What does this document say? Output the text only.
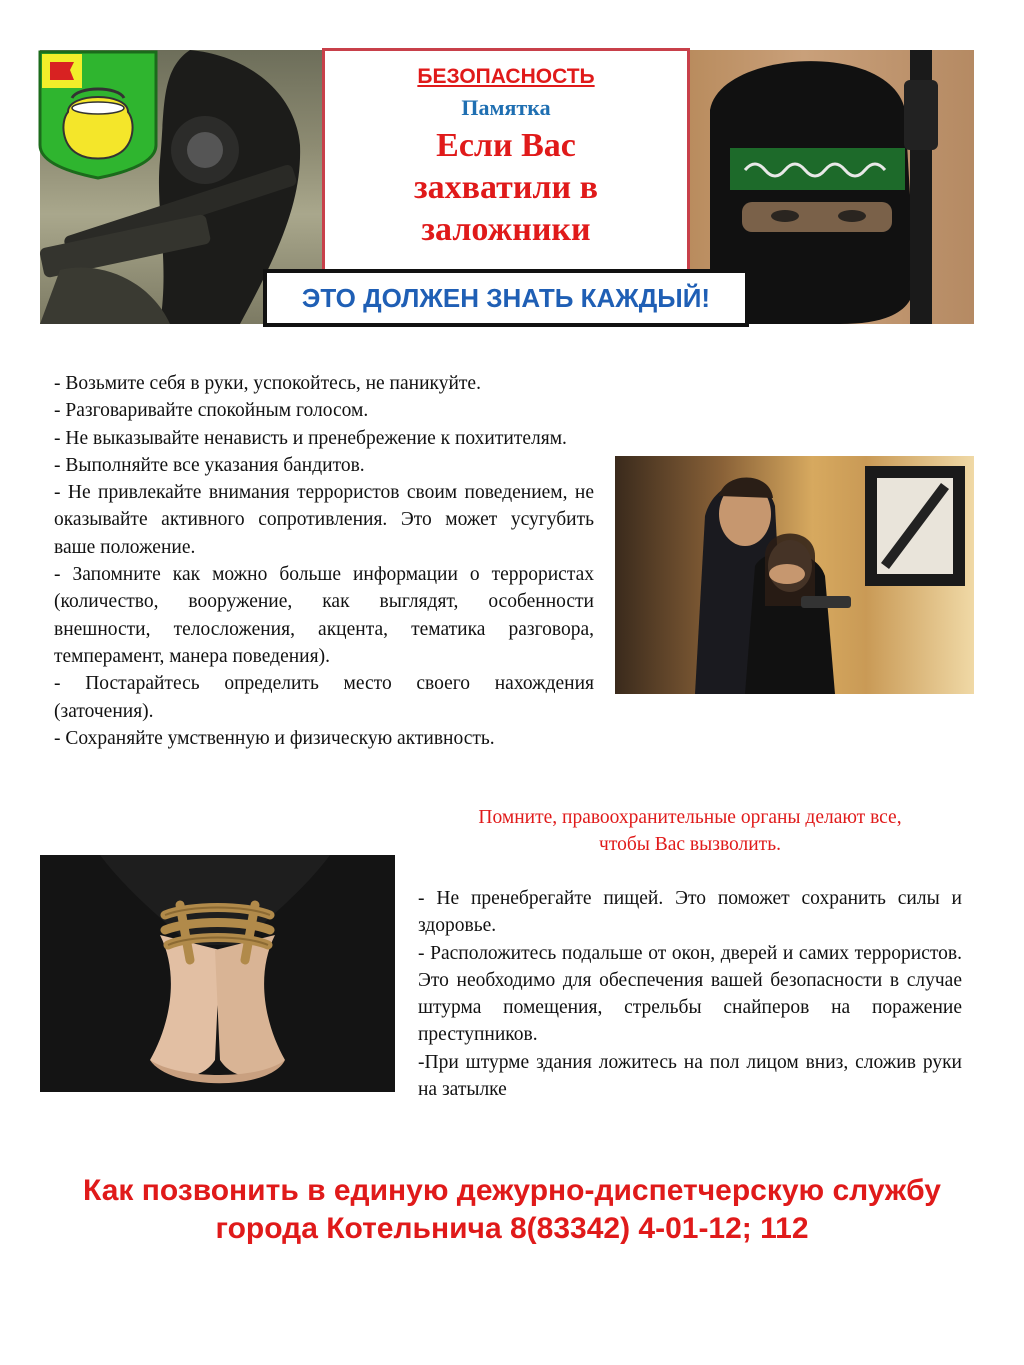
БЕЗОПАСНОСТЬ
Памятка
Если Вас
захватили в
заложники
ЭТО ДОЛЖЕН ЗНАТЬ КАЖДЫЙ!

- Возьмите себя в руки, успокойтесь, не паникуйте.

- Разговаривайте спокойным голосом.

- Не выказывайте ненависть и пренебрежение к похитителям.

- Выполняйте все указания бандитов.

- Не привлекайте внимания террористов своим поведением, не оказывайте активного сопротивления. Это может усугубить ваше положение.

- Запомните как можно больше информации о террористах (количество, вооружение, как выглядят, особенности внешности, телосложения, акцента, тематика разговора, темперамент, манера поведения).

- Постарайтесь определить место своего нахождения (заточения).

- Сохраняйте умственную и физическую активность.

Помните, правоохранительные органы делают все,
чтобы Вас вызволить.

- Не пренебрегайте пищей. Это поможет сохранить силы и здоровье.

- Расположитесь подальше от окон, дверей и самих террористов. Это необходимо для обеспечения вашей безопасности в случае штурма помещения, стрельбы снайперов на поражение преступников.

-При штурме здания ложитесь на пол лицом вниз, сложив руки на затылке

Как позвонить в единую дежурно-диспетчерскую службу
города Котельнича 8(83342) 4-01-12; 112
